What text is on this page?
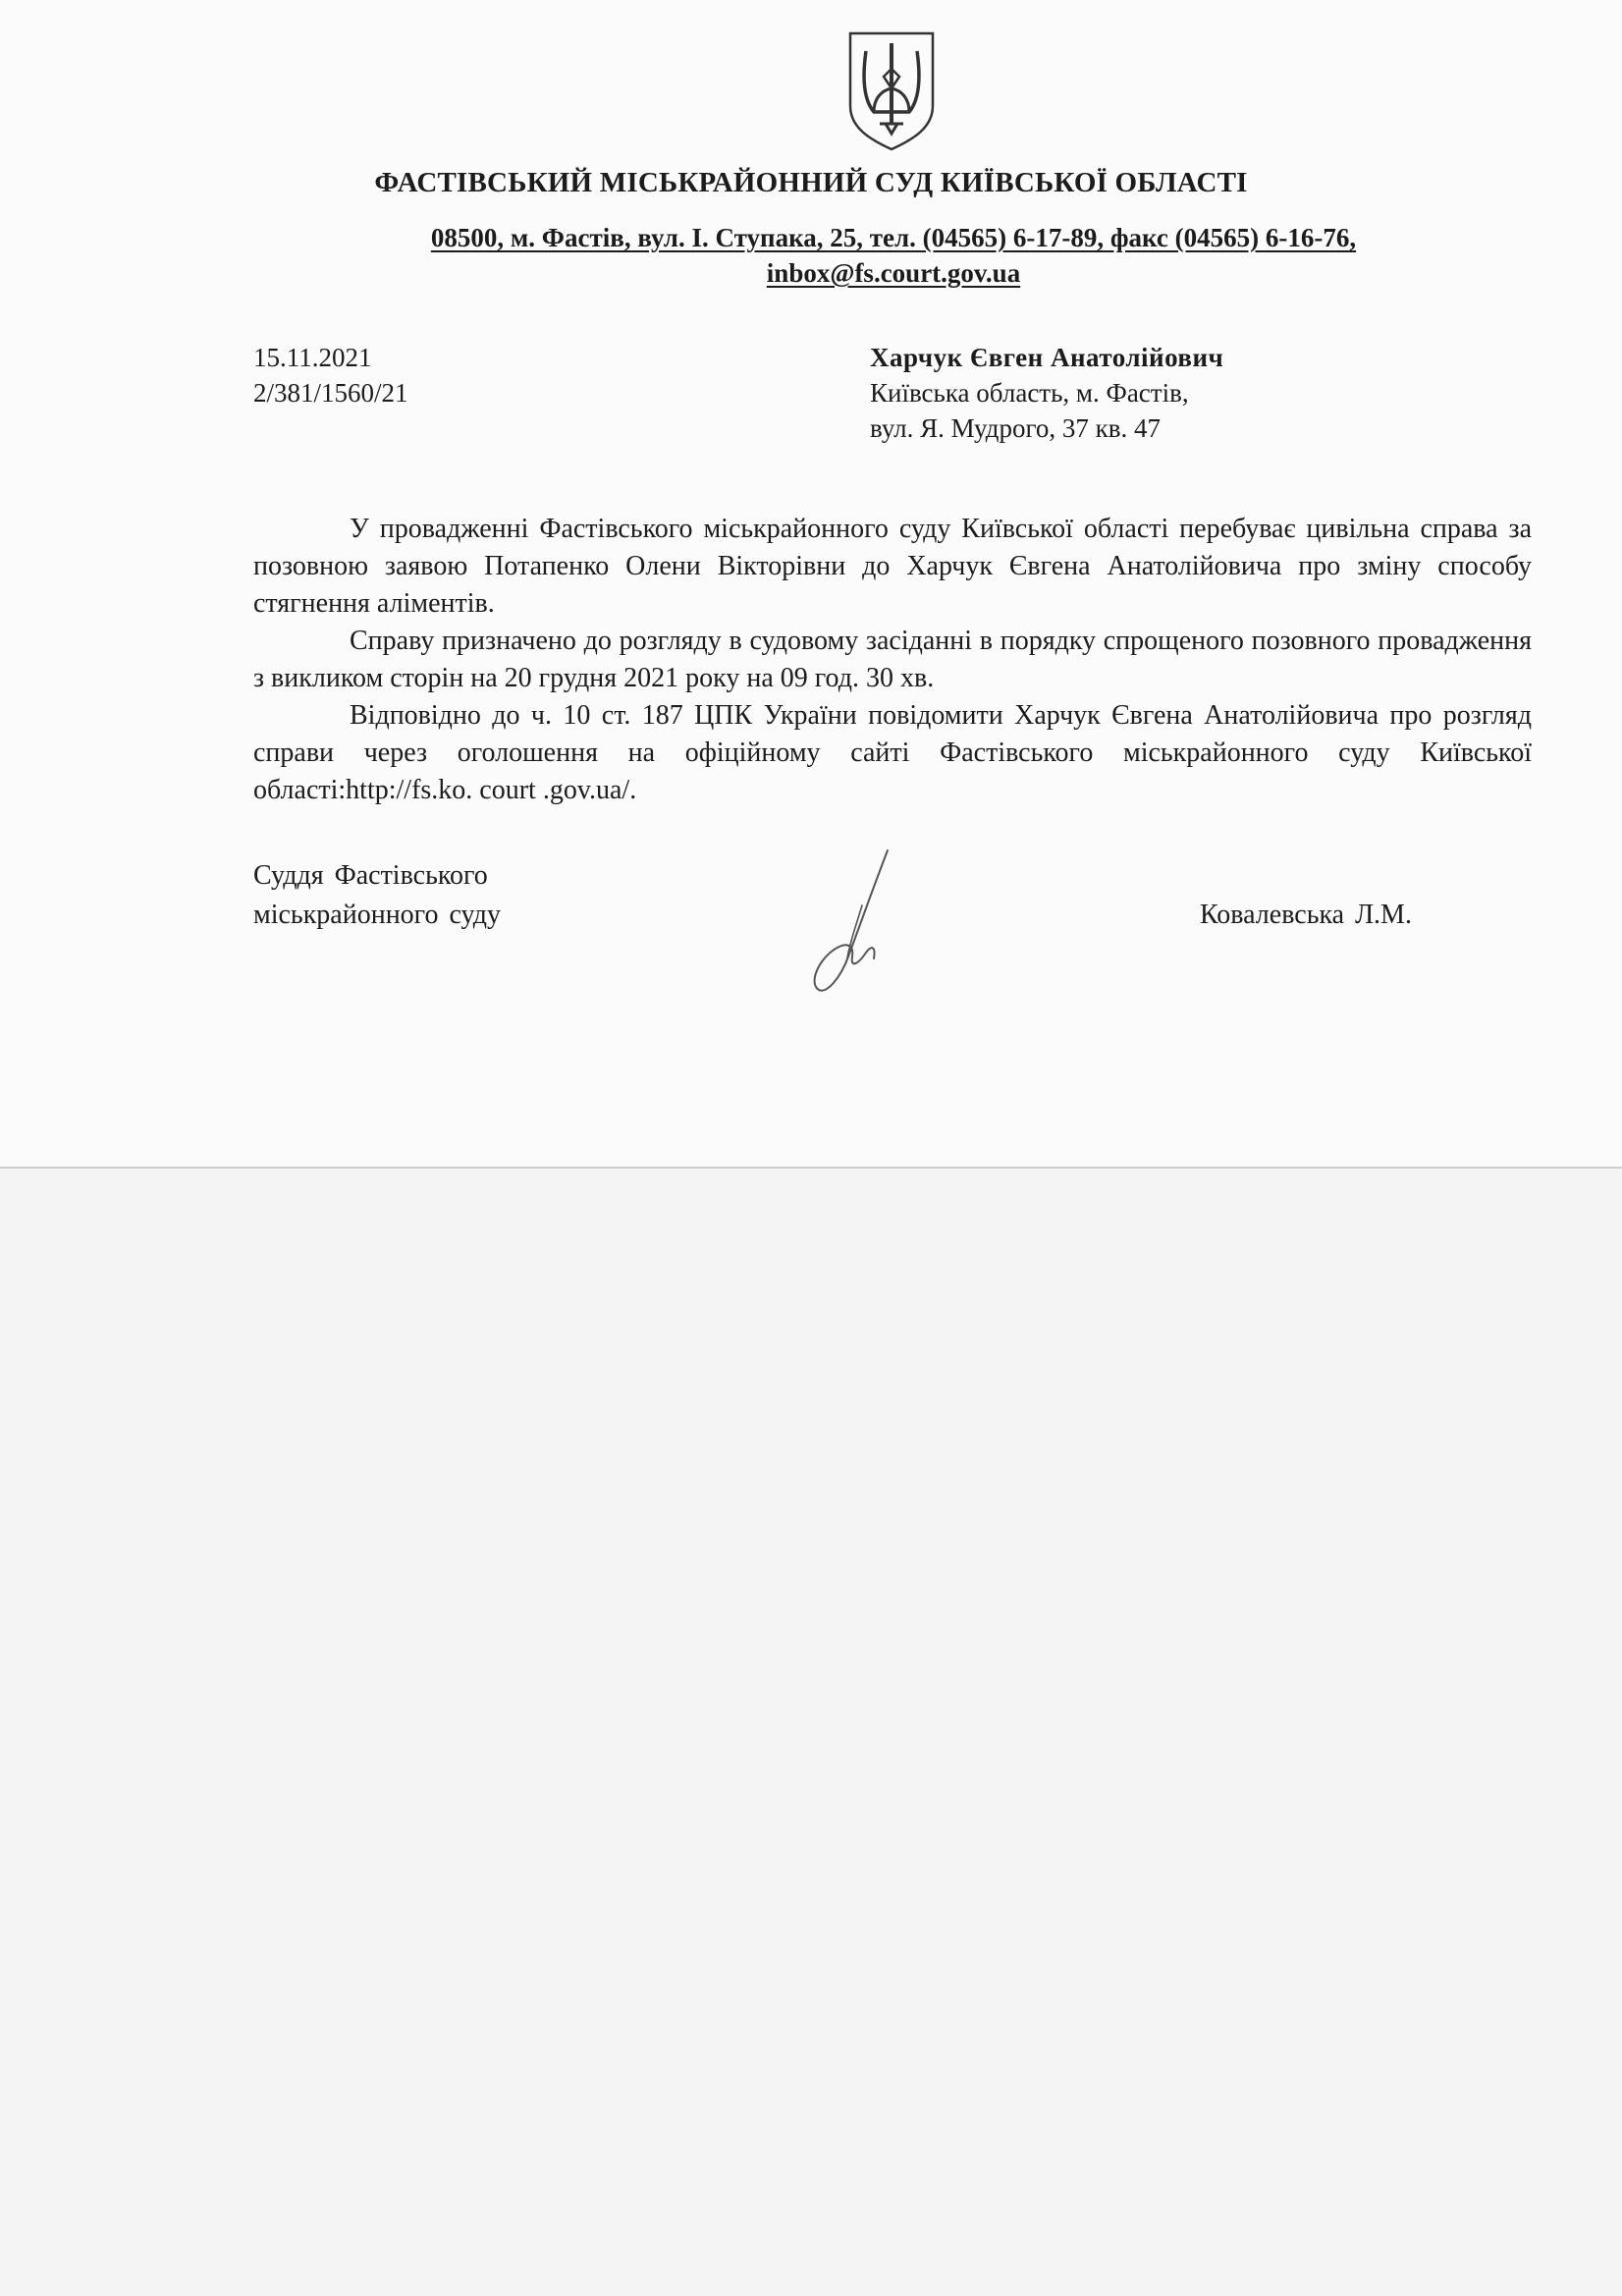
ФАСТІВСЬКИЙ МІСЬКРАЙОННИЙ СУД КИЇВСЬКОЇ ОБЛАСТІ
08500, м. Фастів, вул. І. Ступака, 25, тел. (04565) 6-17-89, факс (04565) 6-16-76,
inbox@fs.court.gov.ua
15.11.2021
2/381/1560/21
Харчук Євген Анатолійович
Київська область, м. Фастів,
вул. Я. Мудрого, 37 кв. 47

У провадженні Фастівського міськрайонного суду Київської області перебуває цивільна справа за позовною заявою Потапенко Олени Вікторівни до Харчук Євгена Анатолійовича про зміну способу стягнення аліментів.

Справу призначено до розгляду в судовому засіданні в порядку спрощеного позовного провадження з викликом сторін на 20 грудня 2021 року на 09 год. 30 хв.

Відповідно до ч. 10 ст. 187 ЦПК України повідомити Харчук Євгена Анатолійовича про розгляд справи через оголошення на офіційному сайті Фастівського міськрайонного суду Київської області:http://fs.ko. court .gov.ua/.

Суддя Фастівського
міськрайонного суду	Ковалевська Л.М.
